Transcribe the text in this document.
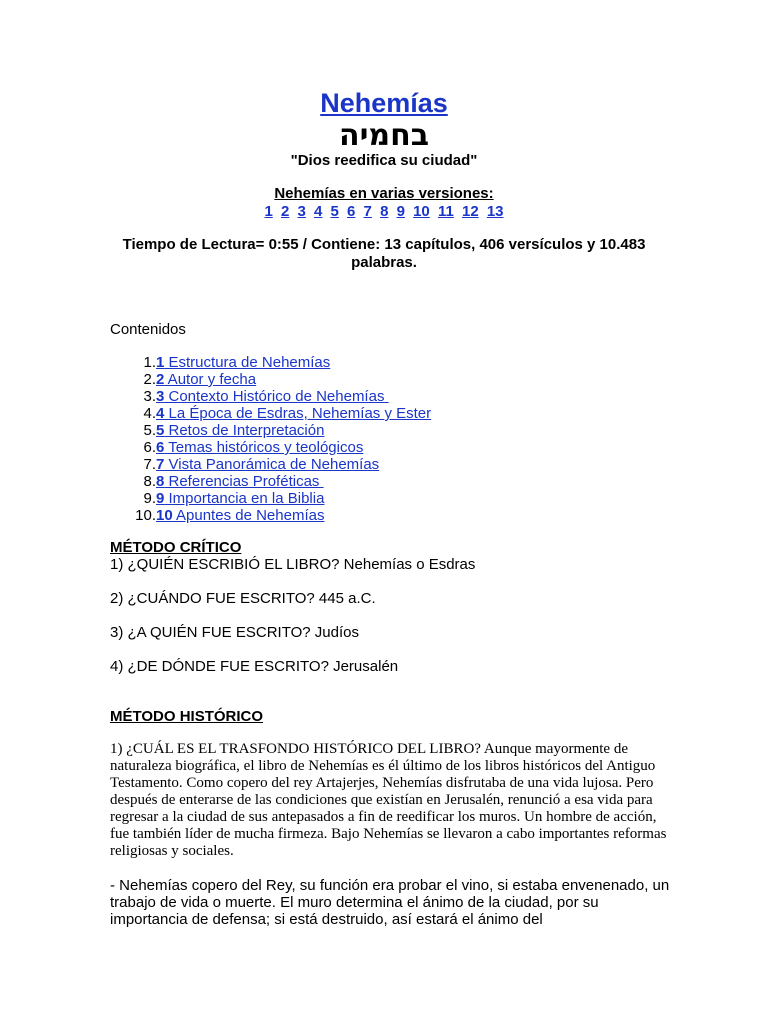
Nehemías
בחמיה
"Dios reedifica su ciudad"
Nehemías en varias versiones:
1 2 3 4 5 6 7 8 9 10 11 12 13
Tiempo de Lectura= 0:55 / Contiene: 13 capítulos, 406 versículos y 10.483 palabras.
Contenidos
1. 1 Estructura de Nehemías
2. 2 Autor y fecha
3. 3 Contexto Histórico de Nehemías
4. 4 La Época de Esdras, Nehemías y Ester
5. 5 Retos de Interpretación
6. 6 Temas históricos y teológicos
7. 7 Vista Panorámica de Nehemías
8. 8 Referencias Proféticas
9. 9 Importancia en la Biblia
10. 10 Apuntes de Nehemías
MÉTODO CRÍTICO
1) ¿QUIÉN ESCRIBIÓ EL LIBRO? Nehemías o Esdras
2) ¿CUÁNDO FUE ESCRITO? 445 a.C.
3) ¿A QUIÉN FUE ESCRITO? Judíos
4) ¿DE DÓNDE FUE ESCRITO? Jerusalén
MÉTODO HISTÓRICO
1) ¿CUÁL ES EL TRASFONDO HISTÓRICO DEL LIBRO? Aunque mayormente de naturaleza biográfica, el libro de Nehemías es él último de los libros históricos del Antiguo Testamento. Como copero del rey Artajerjes, Nehemías disfrutaba de una vida lujosa. Pero después de enterarse de las condiciones que existían en Jerusalén, renunció a esa vida para regresar a la ciudad de sus antepasados a fin de reedificar los muros. Un hombre de acción, fue también líder de mucha firmeza. Bajo Nehemías se llevaron a cabo importantes reformas religiosas y sociales.
- Nehemías copero del Rey, su función era probar el vino, si estaba envenenado, un trabajo de vida o muerte. El muro determina el ánimo de la ciudad, por su importancia de defensa; si está destruido, así estará el ánimo del
